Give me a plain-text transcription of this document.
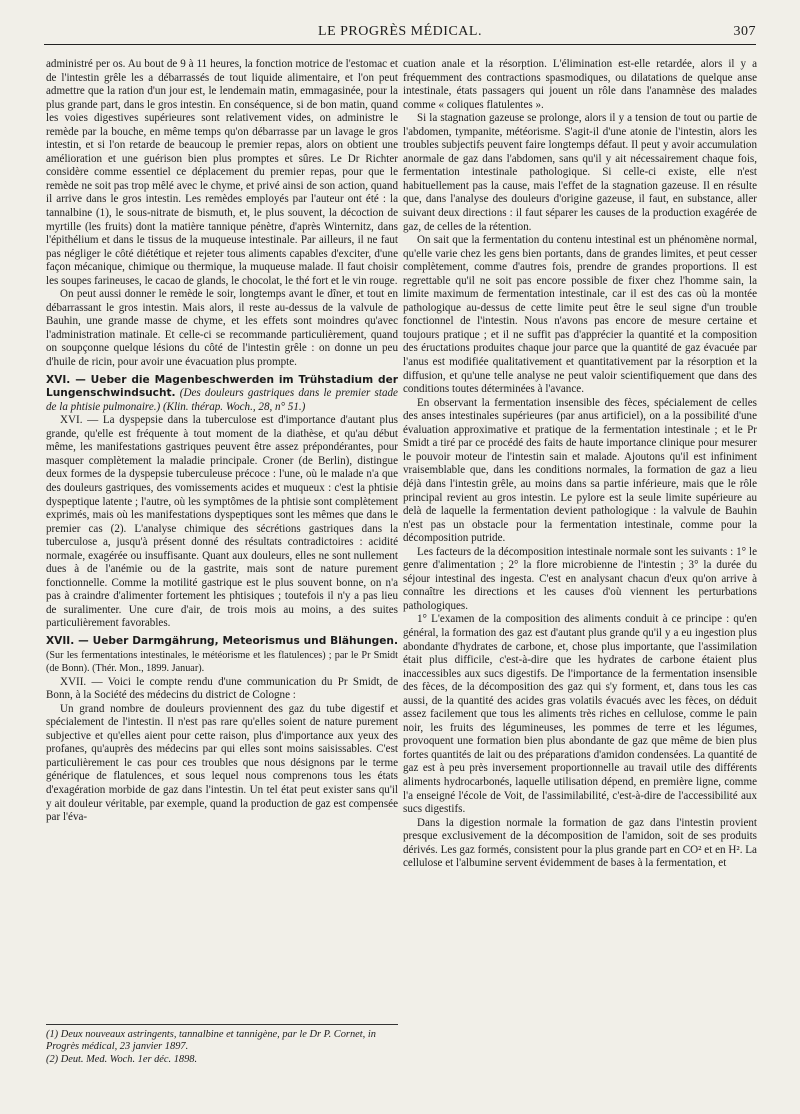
LE PROGRÈS MÉDICAL.	307

administré per os. Au bout de 9 à 11 heures, la fonction motrice de l'estomac et de l'intestin grêle les a débarrassés de tout liquide alimentaire, et l'on peut admettre que la ration d'un jour est, le lendemain matin, emmagasinée, pour la plus grande part, dans le gros intestin. En conséquence, si de bon matin, quand les voies digestives supérieures sont relativement vides, on administre le remède par la bouche, en même temps qu'on débarrasse par un lavage le gros intestin, et si l'on retarde de beaucoup le premier repas, alors on obtient une amélioration et une guérison bien plus promptes et sûres. Le Dr Richter considère comme essentiel ce déplacement du premier repas, pour que le remède ne soit pas trop mêlé avec le chyme, et privé ainsi de son action, quand il arrive dans le gros intestin. Les remèdes employés par l'auteur ont été : la tannalbine (1), le sous-nitrate de bismuth, et, le plus souvent, la décoction de myrtille (les fruits) dont la matière tannique pénètre, d'après Winternitz, dans l'épithélium et dans le tissus de la muqueuse intestinale. Par ailleurs, il ne faut pas négliger le côté diététique et rejeter tous aliments capables d'exciter, d'une façon mécanique, chimique ou thermique, la muqueuse malade. Il faut choisir les soupes farineuses, le cacao de glands, le chocolat, le thé fort et le vin rouge.

On peut aussi donner le remède le soir, longtemps avant le dîner, et tout en débarrassant le gros intestin. Mais alors, il reste au-dessus de la valvule de Bauhin, une grande masse de chyme, et les effets sont moindres qu'avec l'administration matinale. Et celle-ci se recommande particulièrement, quand on soupçonne quelque lésions du côté de l'intestin grêle : on donne un peu d'huile de ricin, pour avoir une évacuation plus prompte.

XVI. — Ueber die Magenbeschwerden im Trühstadium der Lungenschwindsucht. (Des douleurs gastriques dans le premier stade de la phtisie pulmonaire.) (Klin. thérap. Woch., 28, n° 51.)

XVI. — La dyspepsie dans la tuberculose est d'importance d'autant plus grande, qu'elle est fréquente à tout moment de la diathèse, et qu'au début même, les manifestations gastriques peuvent être assez prépondérantes, pour masquer complètement la maladie principale. Croner (de Berlin), distingue deux formes de la dyspepsie tuberculeuse précoce : l'une, où le malade n'a que des douleurs gastriques, des vomissements acides et muqueux : c'est la phtisie dyspeptique latente ; l'autre, où les symptômes de la phtisie sont complètement exprimés, mais où les manifestations dyspeptiques sont les mêmes que dans le premier cas (2). L'analyse chimique des sécrétions gastriques dans la tuberculose a, jusqu'à présent donné des résultats contradictoires : acidité normale, exagérée ou insuffisante. Quant aux douleurs, elles ne sont nullement dues à de l'anémie ou de la gastrite, mais sont de nature purement fonctionnelle. Comme la motilité gastrique est le plus souvent bonne, on n'a pas à craindre d'alimenter fortement les phtisiques ; toutefois il n'y a pas lieu de suralimenter. Une cure d'air, de trois mois au moins, a des suites particulièrement favorables.

XVII. — Ueber Darmgährung, Meteorismus und Blähungen. (Sur les fermentations intestinales, le météorisme et les flatulences) ; par le Pr Smidt (de Bonn). (Thér. Mon., 1899. Januar).

XVII. — Voici le compte rendu d'une communication du Pr Smidt, de Bonn, à la Société des médecins du district de Cologne :

Un grand nombre de douleurs proviennent des gaz du tube digestif et spécialement de l'intestin. Il n'est pas rare qu'elles soient de nature purement subjective et qu'elles aient pour cette raison, plus d'importance aux yeux des profanes, qu'auprès des médecins par qui elles sont moins saisissables. C'est particulièrement le cas pour ces troubles que nous désignons par le terme générique de flatulences, et sous lequel nous comprenons tous les états d'exagération morbide de gaz dans l'intestin. Un tel état peut exister sans qu'il y ait douleur véritable, par exemple, quand la production de gaz est compensée par l'éva-

cuation anale et la résorption. L'élimination est-elle retardée, alors il y a fréquemment des contractions spasmodiques, ou dilatations de quelque anse intestinale, états passagers qui jouent un rôle dans l'anamnèse des malades comme « coliques flatulentes ».

Si la stagnation gazeuse se prolonge, alors il y a tension de tout ou partie de l'abdomen, tympanite, météorisme. S'agit-il d'une atonie de l'intestin, alors les troubles subjectifs peuvent faire longtemps défaut. Il peut y avoir accumulation anormale de gaz dans l'abdomen, sans qu'il y ait nécessairement chaque fois, fermentation intestinale pathologique. Si celle-ci existe, elle n'est habituellement pas la cause, mais l'effet de la stagnation gazeuse. Il en résulte que, dans l'analyse des douleurs d'origine gazeuse, il faut, en substance, aller suivant deux directions : il faut séparer les causes de la production exagérée de gaz, de celles de la rétention.

On sait que la fermentation du contenu intestinal est un phénomène normal, qu'elle varie chez les gens bien portants, dans de grandes limites, et peut cesser complètement, comme d'autres fois, prendre de grandes proportions. Il est regrettable qu'il ne soit pas encore possible de fixer chez l'homme sain, la limite maximum de fermentation intestinale, car il est des cas où la montée pathologique au-dessus de cette limite peut être le seul signe d'un trouble fonctionnel de l'intestin. Nous n'avons pas encore de mesure certaine et toujours pratique ; et il ne suffit pas d'apprécier la quantité et la composition des éructations produites chaque jour parce que la quantité de gaz évacuée par l'anus est modifiée qualitativement et quantitativement par la résorption et la diffusion, et qu'une telle analyse ne peut valoir scientifiquement que dans des conditions toutes déterminées à l'avance.

En observant la fermentation insensible des fèces, spécialement de celles des anses intestinales supérieures (par anus artificiel), on a la possibilité d'une évaluation approximative et pratique de la fermentation intestinale ; et le Pr Smidt a tiré par ce procédé des faits de haute importance clinique pour mesurer le pouvoir moteur de l'intestin sain et malade. Ajoutons qu'il est infiniment vraisemblable que, dans les conditions normales, la formation de gaz a lieu déjà dans l'intestin grêle, au moins dans sa partie inférieure, mais que le rôle principal revient au gros intestin. Le pylore est la seule limite supérieure au delà de laquelle la fermentation devient pathologique : la valvule de Bauhin n'est pas un obstacle pour la fermentation intestinale, comme pour la décomposition putride.

Les facteurs de la décomposition intestinale normale sont les suivants : 1° le genre d'alimentation ; 2° la flore microbienne de l'intestin ; 3° la durée du séjour intestinal des ingesta. C'est en analysant chacun d'eux qu'on arrive à connaître les directions et les causes d'où viennent les perturbations pathologiques.

1° L'examen de la composition des aliments conduit à ce principe : qu'en général, la formation des gaz est d'autant plus grande qu'il y a eu ingestion plus abondante d'hydrates de carbone, et, chose plus importante, que l'assimilation était plus difficile, c'est-à-dire que les hydrates de carbone étaient plus inaccessibles aux sucs digestifs. De l'importance de la fermentation insensible des fèces, de la décomposition des gaz qui s'y forment, et, dans tous les cas aussi, de la quantité des acides gras volatils évacués avec les fèces, on déduit assez facilement que tous les aliments très riches en cellulose, comme le pain noir, les fruits des légumineuses, les pommes de terre et les légumes, provoquent une formation bien plus abondante de gaz que même de bien plus fortes quantités de lait ou des préparations d'amidon condensées. La quantité de gaz est à peu près inversement proportionnelle au travail utile des différents aliments hydrocarbonés, laquelle utilisation dépend, en première ligne, comme l'a enseigné l'école de Voit, de l'assimilabilité, c'est-à-dire de l'accessibilité aux sucs digestifs.

Dans la digestion normale la formation de gaz dans l'intestin provient presque exclusivement de la décomposition de l'amidon, soit de ses produits dérivés. Les gaz formés, consistent pour la plus grande part en CO² et en H². La cellulose et l'albumine servent évidemment de bases à la fermentation, et

(1) Deux nouveaux astringents, tannalbine et tannigène, par le Dr P. Cornet, in Progrès médical, 23 janvier 1897.

(2) Deut. Med. Woch. 1er déc. 1898.
